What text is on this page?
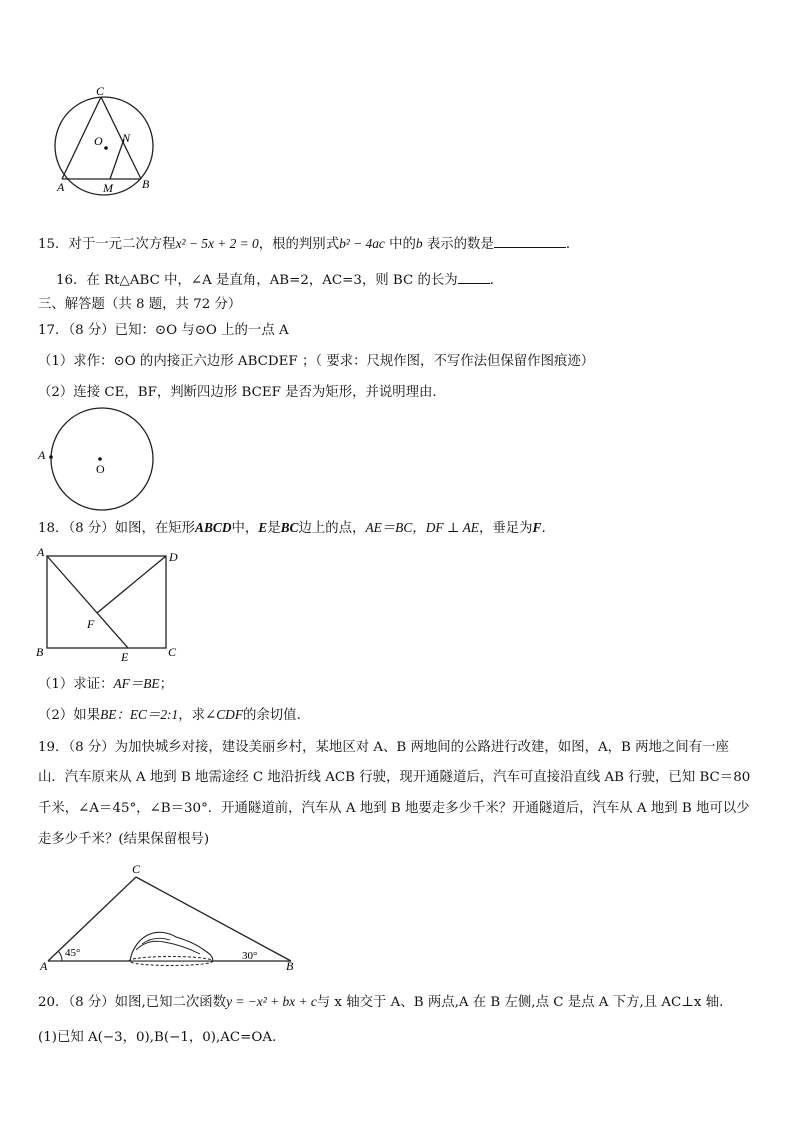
C
O N
A	M B
15．对于一元二次方程x² − 5x + 2 = 0，根的判别式b² − 4ac 中的b 表示的数是	．
16．在 Rt△ABC 中，∠A 是直角，AB=2，AC=3，则 BC 的长为 ．
三、解答题（共 8 题，共 72 分）
17．（8 分）已知：⊙O 与⊙O 上的一点 A
（1）求作：⊙O 的内接正六边形 ABCDEF ；（ 要求：尺规作图，不写作法但保留作图痕迹）
（2）连接 CE，BF，判断四边形 BCEF 是否为矩形，并说明理由．
A
O
18．（8 分）如图，在矩形ABCD中，E是BC边上的点，AE＝BC，DF ⊥ AE，垂足为F.
A	D
F
B	E	C
（1）求证：AF＝BE；
（2）如果BE：EC＝2:1，求∠CDF的余切值.
19．（8 分）为加快城乡对接，建设美丽乡村，某地区对 A、B 两地间的公路进行改建，如图，A，B 两地之间有一座
山．汽车原来从 A 地到 B 地需途经 C 地沿折线 ACB 行驶，现开通隧道后，汽车可直接沿直线 AB 行驶，已知 BC＝80
千米，∠A＝45°，∠B＝30°．开通隧道前，汽车从 A 地到 B 地要走多少千米？开通隧道后，汽车从 A 地到 B 地可以少
走多少千米？(结果保留根号)
C
45°	30°
A	B
20．（8 分）如图,已知二次函数y = −x² + bx + c与 x 轴交于 A、B 两点,A 在 B 左侧,点 C 是点 A 下方,且 AC⊥x 轴.
(1)已知 A(−3，0),B(−1，0),AC=OA.
